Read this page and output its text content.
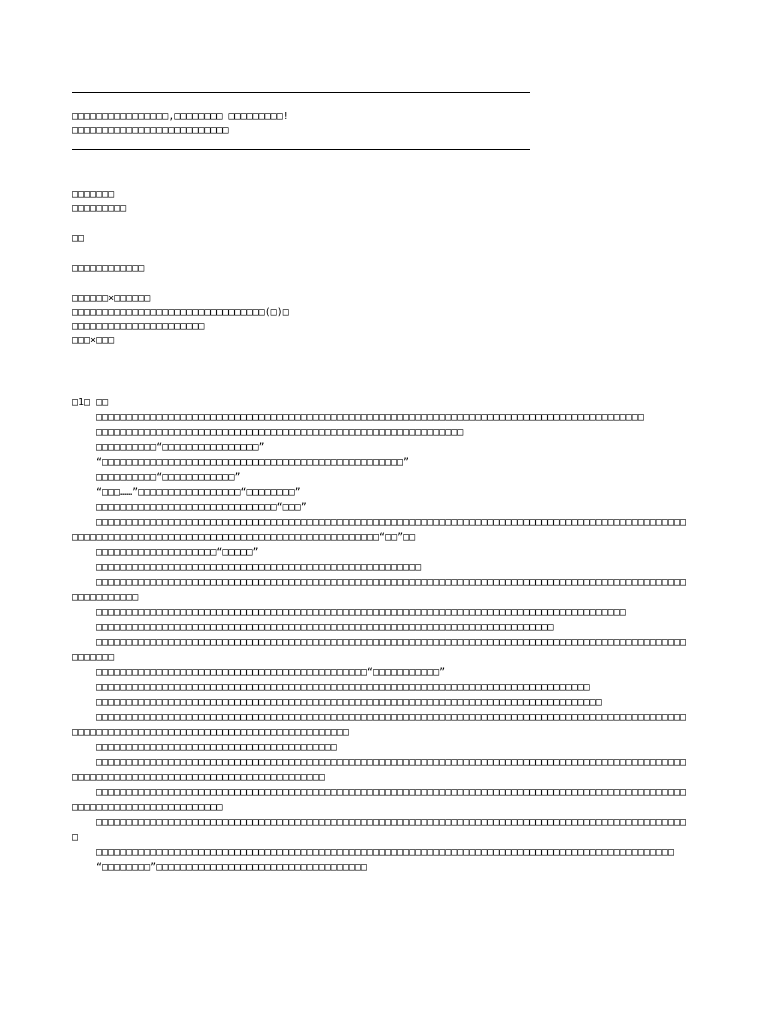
□□□□□□□□□□□□□□□□,□□□□□□□□ □□□□□□□□□!
□□□□□□□□□□□□□□□□□□□□□□□□□□
□□□□□□□
□□□□□□□□□
□□
□□□□□□□□□□□□
□□□□□□×□□□□□□
□□□□□□□□□□□□□□□□□□□□□□□□□□□□□□□□(□)□
□□□□□□□□□□□□□□□□□□□□□□
□□□×□□□
□1□ □□
□□□□□□□□□□□□□□□□□□□□□□□□□□□□□□□□□□□□□□□□□□□□□□□□□□□□□□□□□□□□□□□□□□□□□□□□□□□□□□□□□□□□□□□□□□□
□□□□□□□□□□□□□□□□□□□□□□□□□□□□□□□□□□□□□□□□□□□□□□□□□□□□□□□□□□□□□
□□□□□□□□□□“□□□□□□□□□□□□□□□□”
“□□□□□□□□□□□□□□□□□□□□□□□□□□□□□□□□□□□□□□□□□□□□□□□□□□”
□□□□□□□□□□“□□□□□□□□□□□□”
“□□□……”□□□□□□□□□□□□□□□□□“□□□□□□□□”
□□□□□□□□□□□□□□□□□□□□□□□□□□□□□□“□□□”
□□□□□□□□□□□□□□□□□□□□□□□□□□□□□□□□□□□□□□□□□□□□□□□□□□□□□□□□□□□□□□□□□□□□□□□□□□□□□□□□□□□□□□□□□□□□□□□□□□□□□□□□□□□□□□□□□□□□□□□□□□□□□□□□□□□□□□□□□□□□□□□□□□□□□“□□”□□
□□□□□□□□□□□□□□□□□□□□“□□□□□”
□□□□□□□□□□□□□□□□□□□□□□□□□□□□□□□□□□□□□□□□□□□□□□□□□□□□□□
□□□□□□□□□□□□□□□□□□□□□□□□□□□□□□□□□□□□□□□□□□□□□□□□□□□□□□□□□□□□□□□□□□□□□□□□□□□□□□□□□□□□□□□□□□□□□□□□□□□□□□□□□□□□□
□□□□□□□□□□□□□□□□□□□□□□□□□□□□□□□□□□□□□□□□□□□□□□□□□□□□□□□□□□□□□□□□□□□□□□□□□□□□□□□□□□□□□□□□
□□□□□□□□□□□□□□□□□□□□□□□□□□□□□□□□□□□□□□□□□□□□□□□□□□□□□□□□□□□□□□□□□□□□□□□□□□□□
□□□□□□□□□□□□□□□□□□□□□□□□□□□□□□□□□□□□□□□□□□□□□□□□□□□□□□□□□□□□□□□□□□□□□□□□□□□□□□□□□□□□□□□□□□□□□□□□□□□□□□□□□
□□□□□□□□□□□□□□□□□□□□□□□□□□□□□□□□□□□□□□□□□□□□□“□□□□□□□□□□□”
□□□□□□□□□□□□□□□□□□□□□□□□□□□□□□□□□□□□□□□□□□□□□□□□□□□□□□□□□□□□□□□□□□□□□□□□□□□□□□□□□□
□□□□□□□□□□□□□□□□□□□□□□□□□□□□□□□□□□□□□□□□□□□□□□□□□□□□□□□□□□□□□□□□□□□□□□□□□□□□□□□□□□□□
□□□□□□□□□□□□□□□□□□□□□□□□□□□□□□□□□□□□□□□□□□□□□□□□□□□□□□□□□□□□□□□□□□□□□□□□□□□□□□□□□□□□□□□□□□□□□□□□□□□□□□□□□□□□□□□□□□□□□□□□□□□□□□□□□□□□□□□□□□□□□□□□
□□□□□□□□□□□□□□□□□□□□□□□□□□□□□□□□□□□□□□□□
□□□□□□□□□□□□□□□□□□□□□□□□□□□□□□□□□□□□□□□□□□□□□□□□□□□□□□□□□□□□□□□□□□□□□□□□□□□□□□□□□□□□□□□□□□□□□□□□□□□□□□□□□□□□□□□□□□□□□□□□□□□□□□□□□□□□□□□□□□□□
□□□□□□□□□□□□□□□□□□□□□□□□□□□□□□□□□□□□□□□□□□□□□□□□□□□□□□□□□□□□□□□□□□□□□□□□□□□□□□□□□□□□□□□□□□□□□□□□□□□□□□□□□□□□□□□□□□□□□□□□□□□
□□□□□□□□□□□□□□□□□□□□□□□□□□□□□□□□□□□□□□□□□□□□□□□□□□□□□□□□□□□□□□□□□□□□□□□□□□□□□□□□□□□□□□□□□□□□□□□□□□□
□□□□□□□□□□□□□□□□□□□□□□□□□□□□□□□□□□□□□□□□□□□□□□□□□□□□□□□□□□□□□□□□□□□□□□□□□□□□□□□□□□□□□□□□□□□□□□□□
“□□□□□□□□”□□□□□□□□□□□□□□□□□□□□□□□□□□□□□□□□□□□
